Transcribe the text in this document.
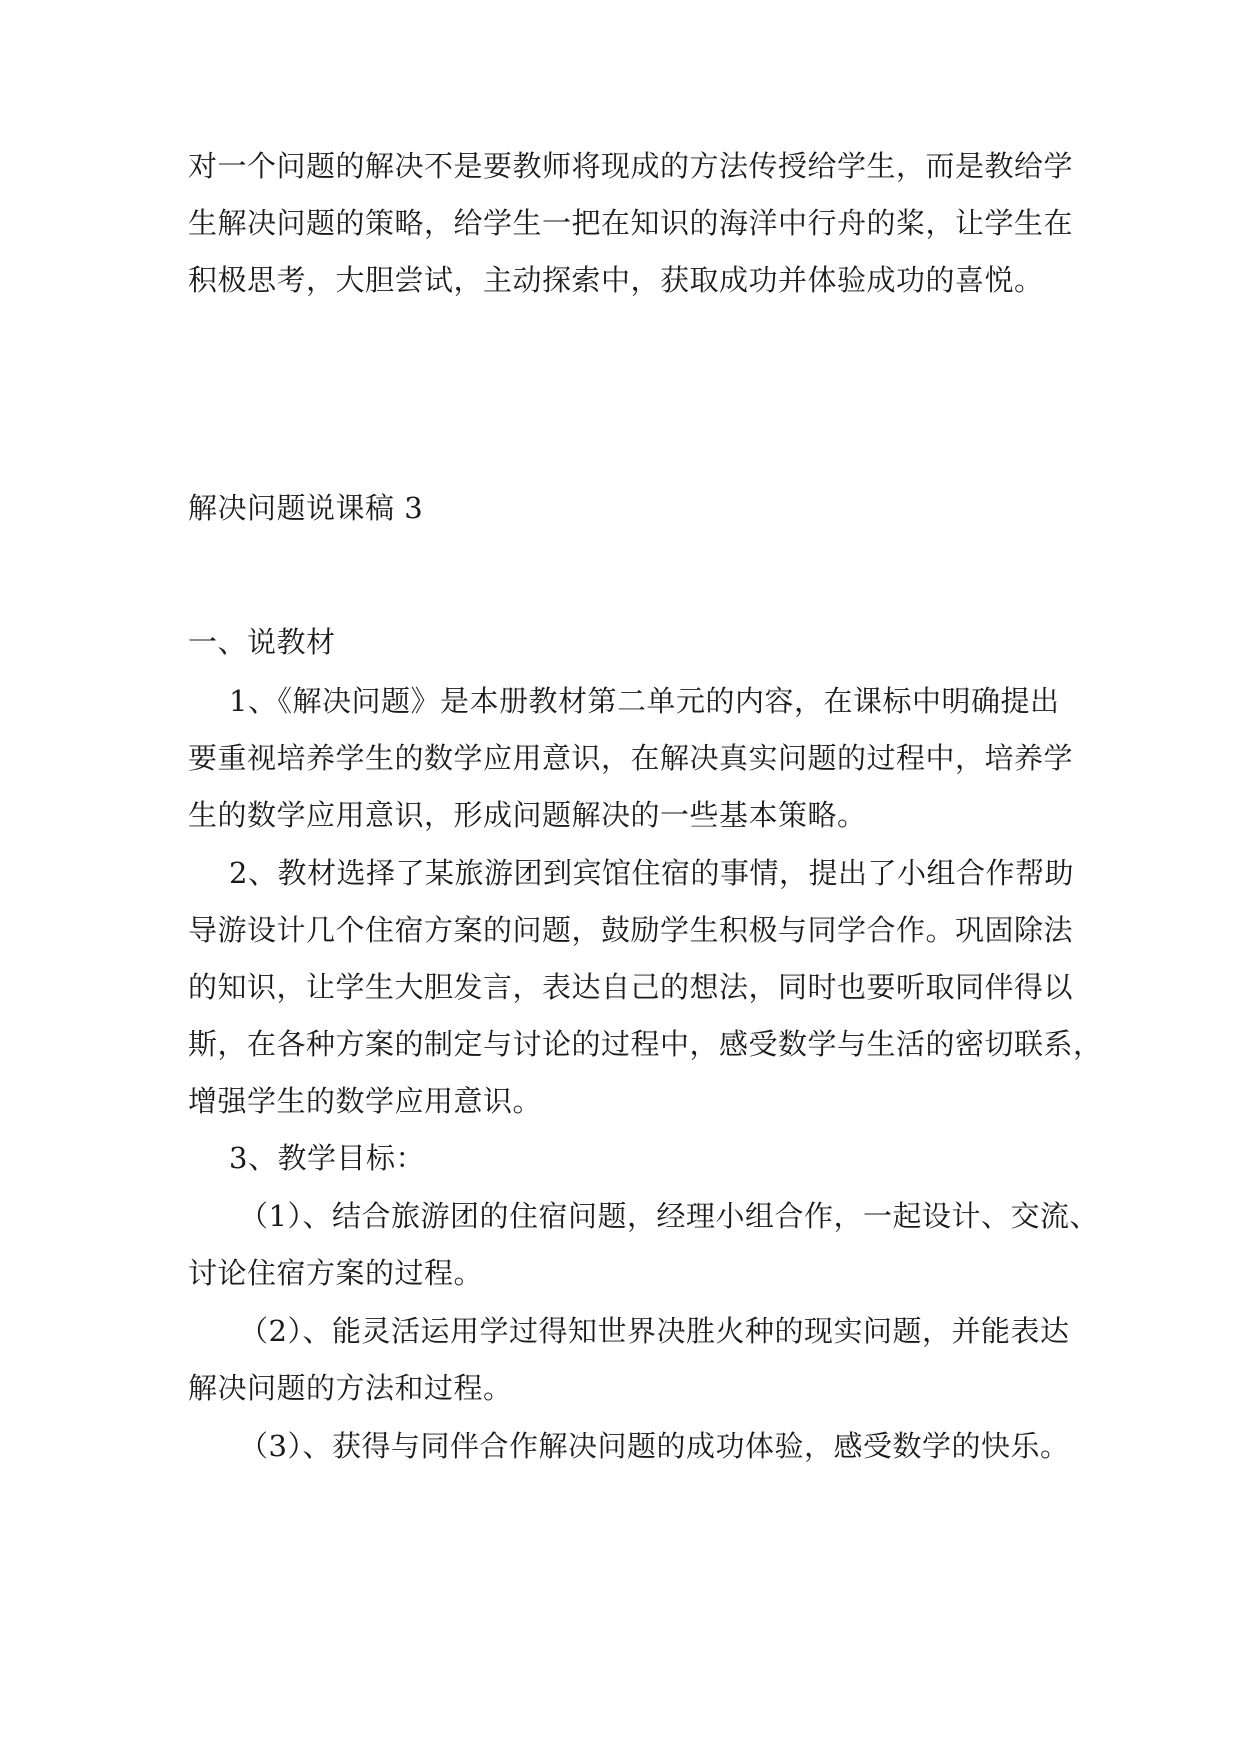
对一个问题的解决不是要教师将现成的方法传授给学生，而是教给学
生解决问题的策略，给学生一把在知识的海洋中行舟的桨，让学生在
积极思考，大胆尝试，主动探索中，获取成功并体验成功的喜悦。
解决问题说课稿 3
一、说教材
1、《解决问题》是本册教材第二单元的内容，在课标中明确提出
要重视培养学生的数学应用意识，在解决真实问题的过程中，培养学
生的数学应用意识，形成问题解决的一些基本策略。
2、教材选择了某旅游团到宾馆住宿的事情，提出了小组合作帮助
导游设计几个住宿方案的问题，鼓励学生积极与同学合作。巩固除法
的知识，让学生大胆发言，表达自己的想法，同时也要听取同伴得以
斯，在各种方案的制定与讨论的过程中，感受数学与生活的密切联系，
增强学生的数学应用意识。
3、教学目标：
（1）、结合旅游团的住宿问题，经理小组合作，一起设计、交流、
讨论住宿方案的过程。
（2）、能灵活运用学过得知世界决胜火种的现实问题，并能表达
解决问题的方法和过程。
（3）、获得与同伴合作解决问题的成功体验，感受数学的快乐。
